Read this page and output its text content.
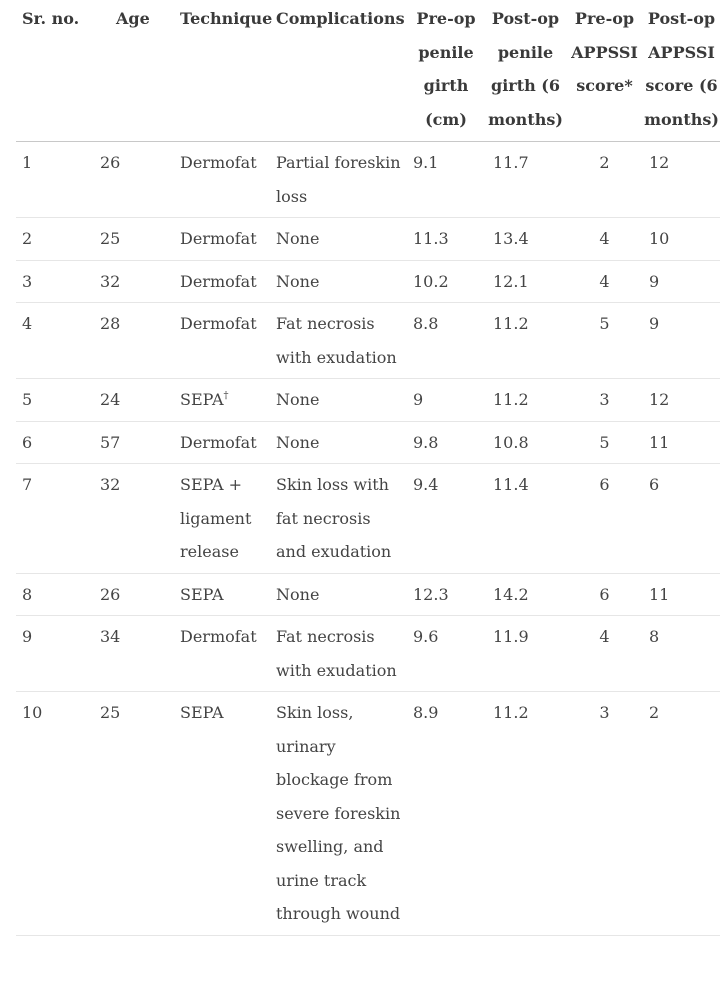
Sr. no.	Age	Technique	Complications	Pre-op penile girth (cm)	Post-op penile girth (6 months)	Pre-op APPSSI score*	Post-op APPSSI score (6 months)
1	26	Dermofat	Partial foreskin loss	9.1	11.7	2	12
2	25	Dermofat	None	11.3	13.4	4	10
3	32	Dermofat	None	10.2	12.1	4	9
4	28	Dermofat	Fat necrosis with exudation	8.8	11.2	5	9
5	24	SEPA†	None	9	11.2	3	12
6	57	Dermofat	None	9.8	10.8	5	11
7	32	SEPA + ligament release	Skin loss with fat necrosis and exudation	9.4	11.4	6	6
8	26	SEPA	None	12.3	14.2	6	11
9	34	Dermofat	Fat necrosis with exudation	9.6	11.9	4	8
10	25	SEPA	Skin loss, urinary blockage from severe foreskin swelling, and urine track through wound	8.9	11.2	3	2
